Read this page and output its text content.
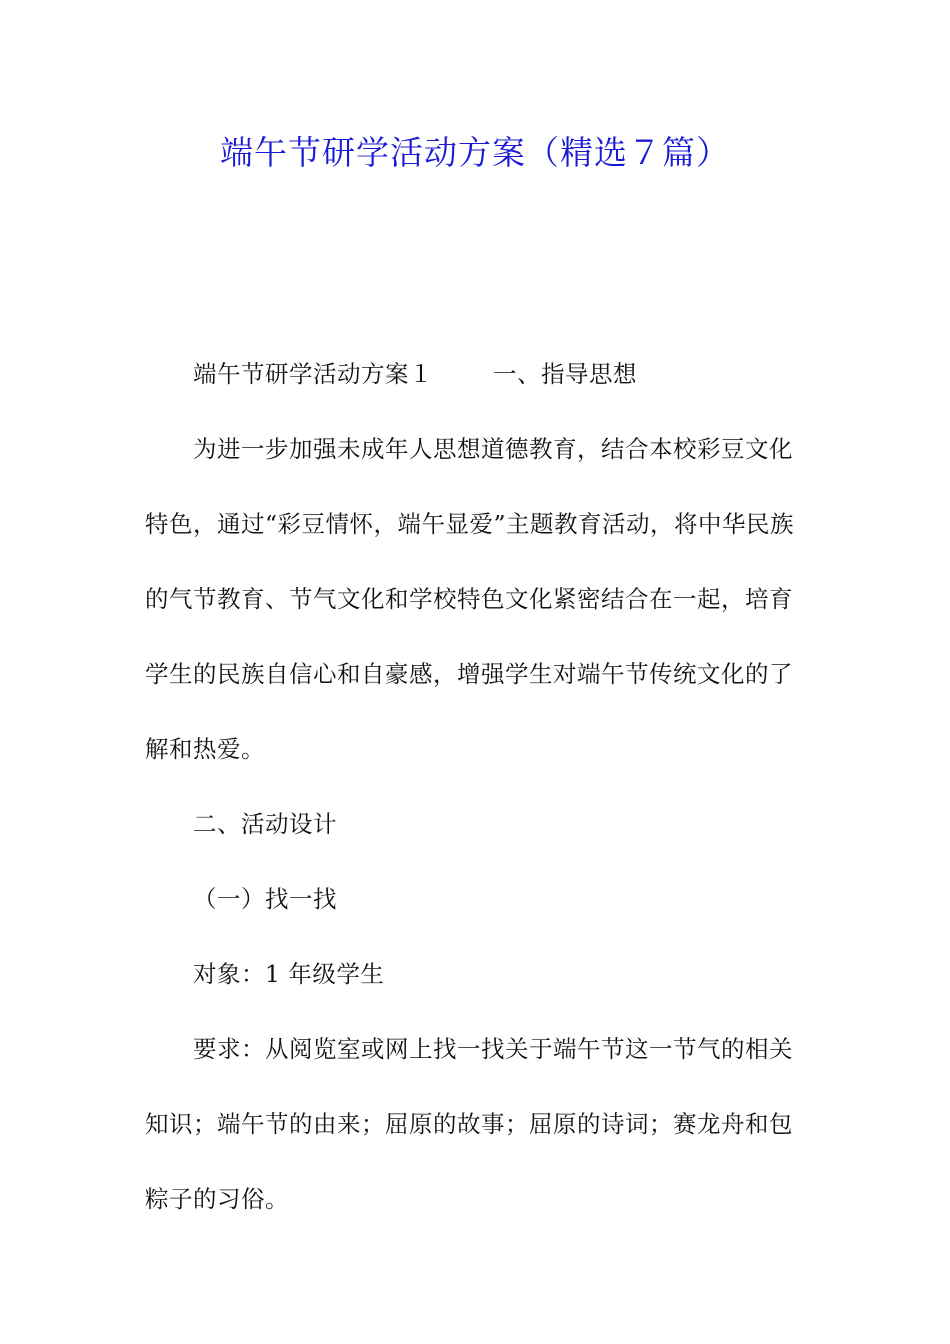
端午节研学活动方案（精选７篇）

端午节研学活动方案１	一、指导思想

为进一步加强未成年人思想道德教育，结合本校彩豆文化特色，通过“彩豆情怀，端午显爱”主题教育活动，将中华民族的气节教育、节气文化和学校特色文化紧密结合在一起，培育学生的民族自信心和自豪感，增强学生对端午节传统文化的了解和热爱。

二、活动设计

（一）找一找

对象：1 年级学生

要求：从阅览室或网上找一找关于端午节这一节气的相关知识；端午节的由来；屈原的故事；屈原的诗词；赛龙舟和包粽子的习俗。
